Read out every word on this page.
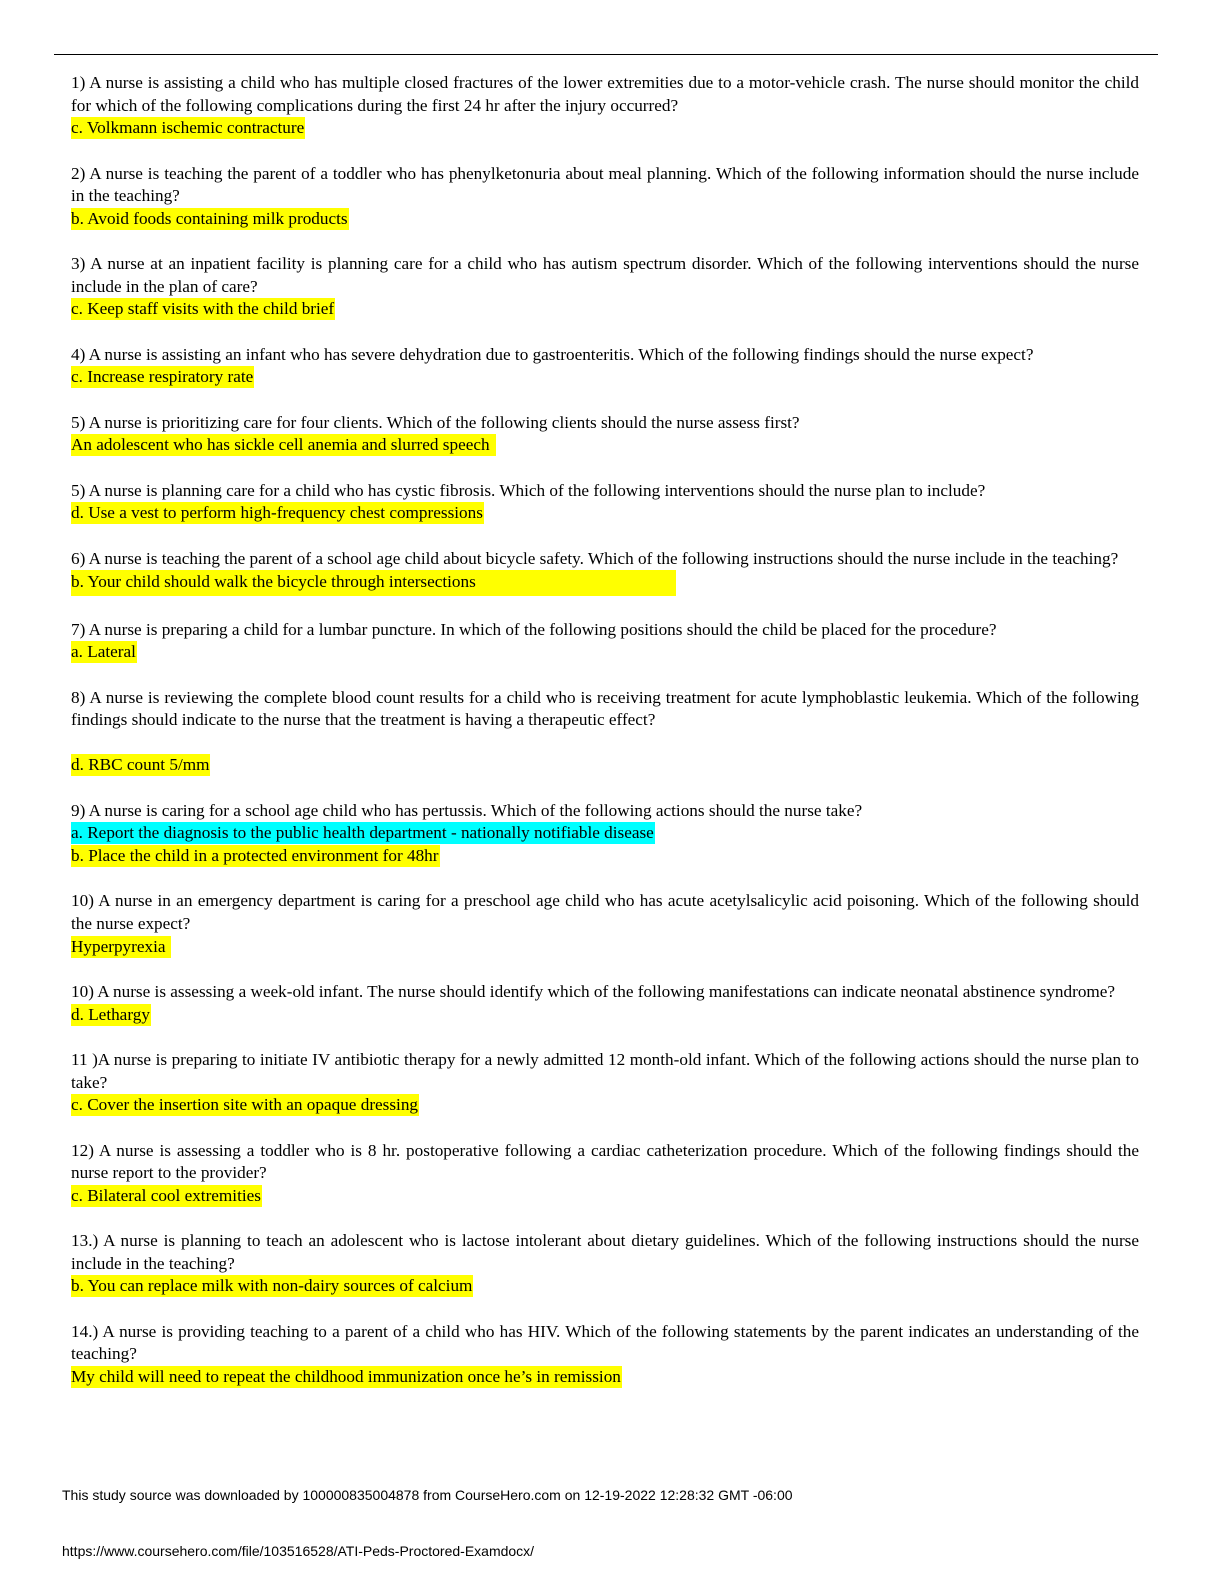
1) A nurse is assisting a child who has multiple closed fractures of the lower extremities due to a motor-vehicle crash. The nurse should monitor the child for which of the following complications during the first 24 hr after the injury occurred?

c. Volkmann ischemic contracture

2) A nurse is teaching the parent of a toddler who has phenylketonuria about meal planning. Which of the following information should the nurse include in the teaching?

b. Avoid foods containing milk products

3) A nurse at an inpatient facility is planning care for a child who has autism spectrum disorder. Which of the following interventions should the nurse include in the plan of care?

c. Keep staff visits with the child brief

4) A nurse is assisting an infant who has severe dehydration due to gastroenteritis. Which of the following findings should the nurse expect?

c. Increase respiratory rate

5) A nurse is prioritizing care for four clients. Which of the following clients should the nurse assess first?

An adolescent who has sickle cell anemia and slurred speech

5) A nurse is planning care for a child who has cystic fibrosis. Which of the following interventions should the nurse plan to include?

d. Use a vest to perform high-frequency chest compressions

6) A nurse is teaching the parent of a school age child about bicycle safety. Which of the following instructions should the nurse include in the teaching?

b. Your child should walk the bicycle through intersections

7) A nurse is preparing a child for a lumbar puncture. In which of the following positions should the child be placed for the procedure?

a. Lateral

8) A nurse is reviewing the complete blood count results for a child who is receiving treatment for acute lymphoblastic leukemia. Which of the following findings should indicate to the nurse that the treatment is having a therapeutic effect?

d. RBC count 5/mm

9) A nurse is caring for a school age child who has pertussis. Which of the following actions should the nurse take?

a. Report the diagnosis to the public health department - nationally notifiable disease

b. Place the child in a protected environment for 48hr

10) A nurse in an emergency department is caring for a preschool age child who has acute acetylsalicylic acid poisoning. Which of the following should the nurse expect?

Hyperpyrexia

10) A nurse is assessing a week-old infant. The nurse should identify which of the following manifestations can indicate neonatal abstinence syndrome?

d. Lethargy

11 )A nurse is preparing to initiate IV antibiotic therapy for a newly admitted 12 month-old infant. Which of the following actions should the nurse plan to take?

c. Cover the insertion site with an opaque dressing

12) A nurse is assessing a toddler who is 8 hr. postoperative following a cardiac catheterization procedure. Which of the following findings should the nurse report to the provider?

c. Bilateral cool extremities

13.) A nurse is planning to teach an adolescent who is lactose intolerant about dietary guidelines. Which of the following instructions should the nurse include in the teaching?

b. You can replace milk with non-dairy sources of calcium

14.) A nurse is providing teaching to a parent of a child who has HIV. Which of the following statements by the parent indicates an understanding of the teaching?

My child will need to repeat the childhood immunization once he’s in remission

This study source was downloaded by 100000835004878 from CourseHero.com on 12-19-2022 12:28:32 GMT -06:00
https://www.coursehero.com/file/103516528/ATI-Peds-Proctored-Examdocx/
